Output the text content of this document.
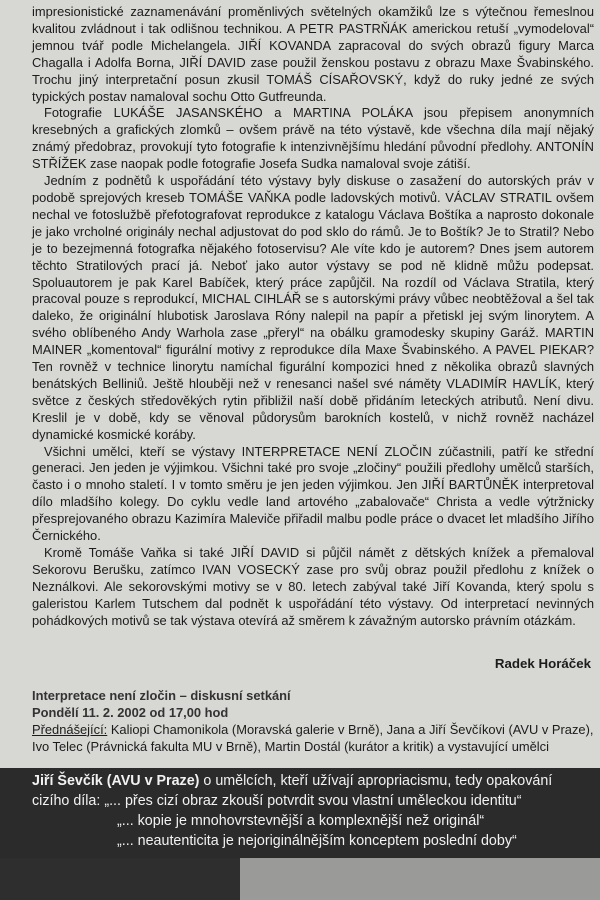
impresionistické zaznamenávání proměnlivých světelných okamžiků lze s výtečnou řemeslnou kvalitou zvládnout i tak odlišnou technikou. A PETR PASTRŇÁK americkou retuší „vymodeloval“ jemnou tvář podle Michelangela. JIŘÍ KOVANDA zapracoval do svých obrazů figury Marca Chagalla i Adolfa Borna, JIŘÍ DAVID zase použil ženskou postavu z obrazu Maxe Švabinského. Trochu jiný interpretační posun zkusil TOMÁŠ CÍSAŘOVSKÝ, když do ruky jedné ze svých typických postav namaloval sochu Otto Gutfreunda.

Fotografie LUKÁŠE JASANSKÉHO a MARTINA POLÁKA jsou přepisem anonymních kresebných a grafických zlomků – ovšem právě na této výstavě, kde všechna díla mají nějaký známý předobraz, provokují tyto fotografie k intenzivnějšímu hledání původní předlohy. ANTONÍN STŘÍŽEK zase naopak podle fotografie Josefa Sudka namaloval svoje zátiší.

Jedním z podnětů k uspořádání této výstavy byly diskuse o zasažení do autorských práv v podobě sprejových kreseb TOMÁŠE VAŇKA podle ladovských motivů. VÁCLAV STRATIL ovšem nechal ve fotoslužbě přefotografovat reprodukce z katalogu Václava Boštíka a naprosto dokonale je jako vrcholné originály nechal adjustovat do pod sklo do rámů. Je to Boštík? Je to Stratil? Nebo je to bezejmenná fotografka nějakého fotoservisu? Ale víte kdo je autorem? Dnes jsem autorem těchto Stratilových prací já. Neboť jako autor výstavy se pod ně klidně můžu podepsat. Spoluautorem je pak Karel Babíček, který práce zapůjčil. Na rozdíl od Václava Stratila, který pracoval pouze s reprodukcí, MICHAL CIHLÁŘ se s autorskými právy vůbec neobtěžoval a šel tak daleko, že originální hlubotisk Jaroslava Róny nalepil na papír a přetiskl jej svým linorytem. A svého oblíbeného Andy Warhola zase „přeryl“ na obálku gramodesky skupiny Garáž. MARTIN MAINER „komentoval“ figurální motivy z reprodukce díla Maxe Švabinského. A PAVEL PIEKAR? Ten rovněž v technice linorytu namíchal figurální kompozici hned z několika obrazů slavných benátských Belliniů. Ještě hlouběji než v renesanci našel své náměty VLADIMÍR HAVLÍK, který světce z českých středověkých rytin přibližil naší době přidáním leteckých atributů. Není divu. Kreslil je v době, kdy se věnoval půdorysům barokních kostelů, v nichž rovněž nacházel dynamické kosmické koráby.

Všichni umělci, kteří se výstavy INTERPRETACE NENÍ ZLOČIN zúčastnili, patří ke střední generaci. Jen jeden je výjimkou. Všichni také pro svoje „zločiny“ použili předlohy umělců starších, často i o mnoho staletí. I v tomto směru je jen jeden výjimkou. Jen JIŘÍ BARTŮNĚK interpretoval dílo mladšího kolegy. Do cyklu vedle land artového „zabalovače“ Christa a vedle výtržnicky přesprejovaného obrazu Kazimíra Maleviče přiřadil malbu podle práce o dvacet let mladšího Jiřího Černického.

Kromě Tomáše Vaňka si také JIŘÍ DAVID si půjčil námět z dětských knížek a přemaloval Sekorovu Berušku, zatímco IVAN VOSECKÝ zase pro svůj obraz použil předlohu z knížek o Neználkovi. Ale sekorovskými motivy se v 80. letech zabýval také Jiří Kovanda, který spolu s galeristou Karlem Tutschem dal podnět k uspořádání této výstavy. Od interpretací nevinných pohádkových motivů se tak výstava otevírá až směrem k závažným autorsko právním otázkám.

Radek Horáček
Interpretace není zločin – diskusní setkání
Pondělí 11. 2. 2002 od 17,00 hod
Přednášející: Kaliopi Chamonikola (Moravská galerie v Brně), Jana a Jiří Ševčíkovi (AVU v Praze), Ivo Telec (Právnická fakulta MU v Brně), Martin Dostál (kurátor a kritik) a vystavující umělci
Jiří Ševčík (AVU v Praze) o umělcích, kteří užívají apropriacismu, tedy opakování cizího díla: „... přes cizí obraz zkouší potvrdit svou vlastní uměleckou identitu“
„... kopie je mnohovrstevnější a komplexnější než originál“
„... neautenticita je nejoriginálnějším konceptem poslední doby“
